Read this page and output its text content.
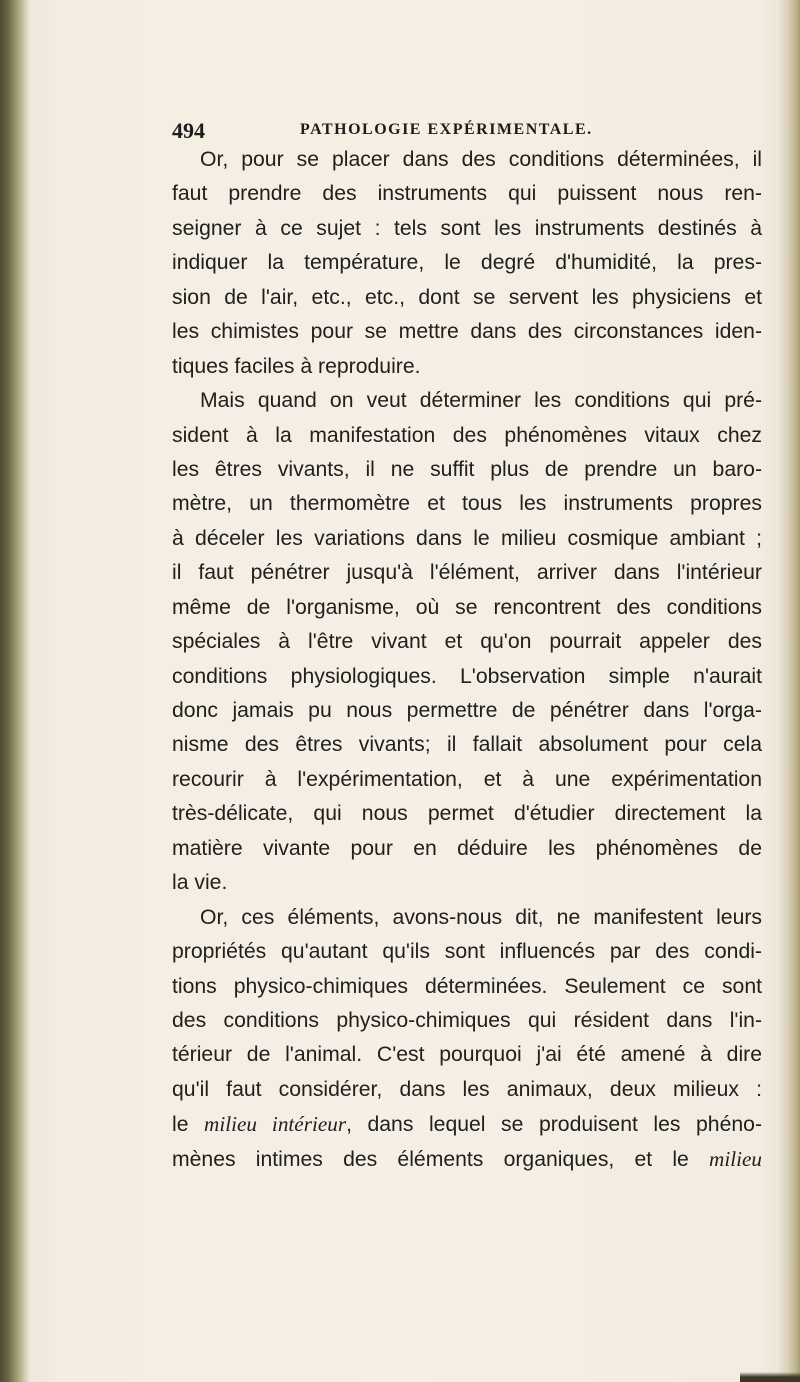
494	PATHOLOGIE EXPÉRIMENTALE.
Or, pour se placer dans des conditions déterminées, il
faut prendre des instruments qui puissent nous ren-
seigner à ce sujet : tels sont les instruments destinés à
indiquer la température, le degré d'humidité, la pres-
sion de l'air, etc., etc., dont se servent les physiciens et
les chimistes pour se mettre dans des circonstances iden-
tiques faciles à reproduire.
Mais quand on veut déterminer les conditions qui pré-
sident à la manifestation des phénomènes vitaux chez
les êtres vivants, il ne suffit plus de prendre un baro-
mètre, un thermomètre et tous les instruments propres
à déceler les variations dans le milieu cosmique ambiant ;
il faut pénétrer jusqu'à l'élément, arriver dans l'intérieur
même de l'organisme, où se rencontrent des conditions
spéciales à l'être vivant et qu'on pourrait appeler des
conditions physiologiques. L'observation simple n'aurait
donc jamais pu nous permettre de pénétrer dans l'orga-
nisme des êtres vivants; il fallait absolument pour cela
recourir à l'expérimentation, et à une expérimentation
très-délicate, qui nous permet d'étudier directement la
matière vivante pour en déduire les phénomènes de
la vie.
Or, ces éléments, avons-nous dit, ne manifestent leurs
propriétés qu'autant qu'ils sont influencés par des condi-
tions physico-chimiques déterminées. Seulement ce sont
des conditions physico-chimiques qui résident dans l'in-
térieur de l'animal. C'est pourquoi j'ai été amené à dire
qu'il faut considérer, dans les animaux, deux milieux :
le milieu intérieur, dans lequel se produisent les phéno-
mènes intimes des éléments organiques, et le milieu
